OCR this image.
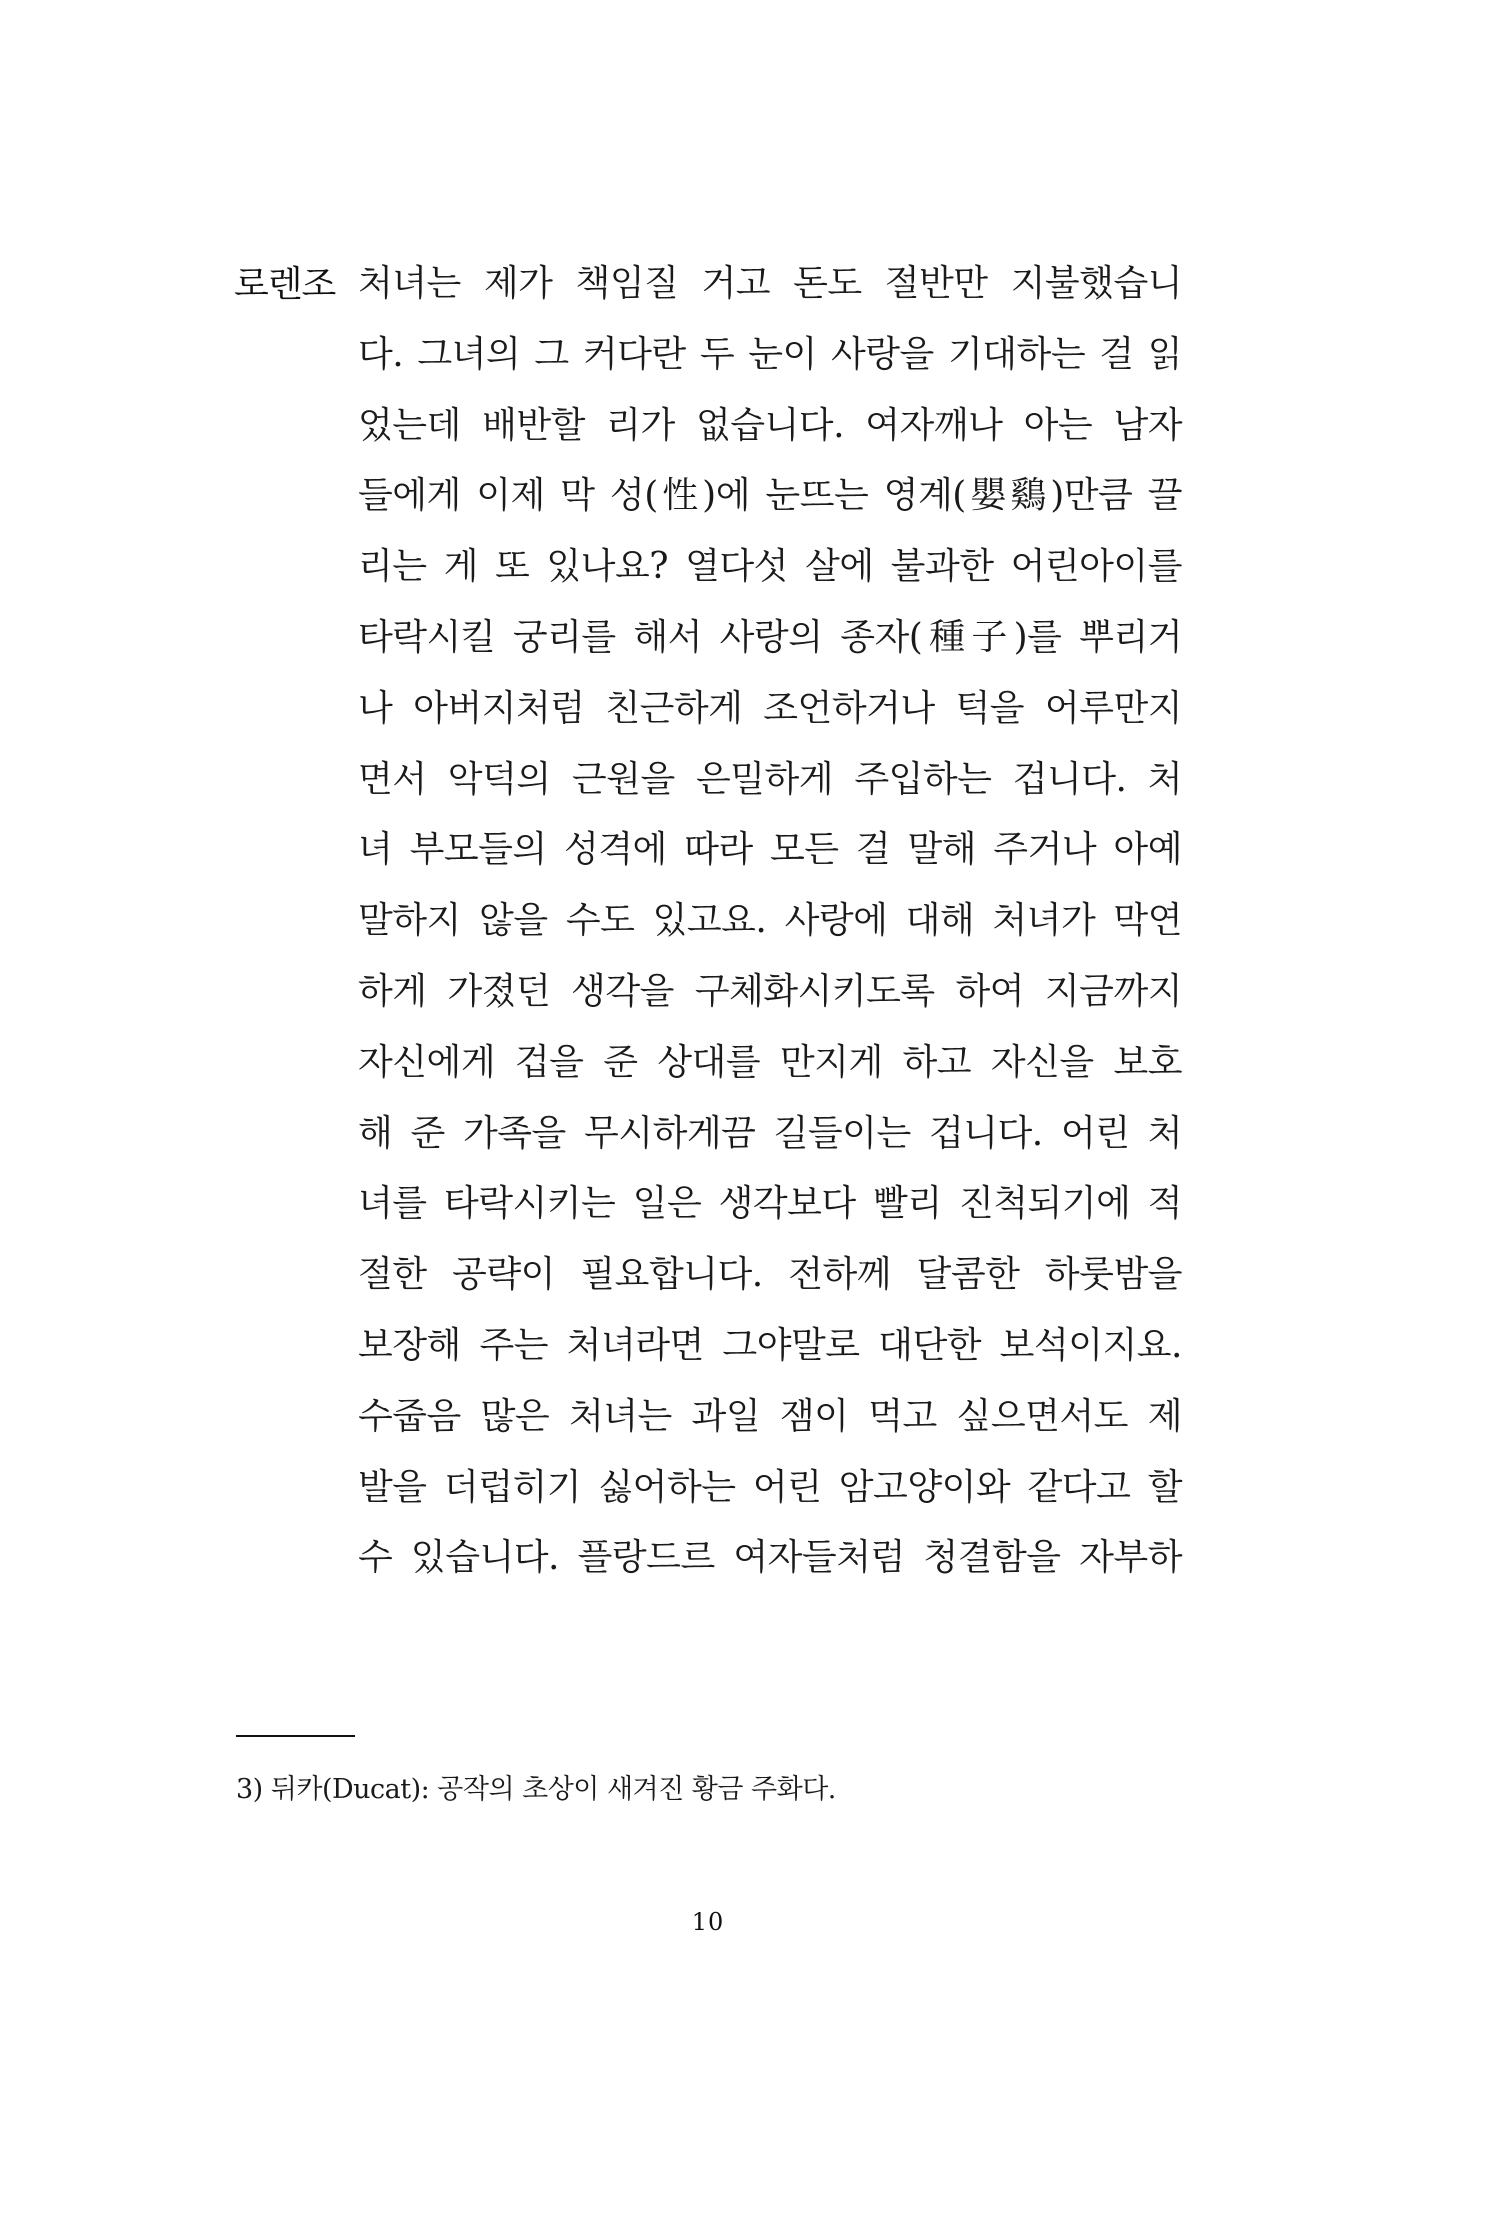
로렌조 처녀는 제가 책임질 거고 돈도 절반만 지불했습니
다. 그녀의 그 커다란 두 눈이 사랑을 기대하는 걸 읽
었는데 배반할 리가 없습니다. 여자깨나 아는 남자
들에게 이제 막 성(性)에 눈뜨는 영계(嬰鷄)만큼 끌
리는 게 또 있나요? 열다섯 살에 불과한 어린아이를
타락시킬 궁리를 해서 사랑의 종자(種子)를 뿌리거
나 아버지처럼 친근하게 조언하거나 턱을 어루만지
면서 악덕의 근원을 은밀하게 주입하는 겁니다. 처
녀 부모들의 성격에 따라 모든 걸 말해 주거나 아예
말하지 않을 수도 있고요. 사랑에 대해 처녀가 막연
하게 가졌던 생각을 구체화시키도록 하여 지금까지
자신에게 겁을 준 상대를 만지게 하고 자신을 보호
해 준 가족을 무시하게끔 길들이는 겁니다. 어린 처
녀를 타락시키는 일은 생각보다 빨리 진척되기에 적
절한 공략이 필요합니다. 전하께 달콤한 하룻밤을
보장해 주는 처녀라면 그야말로 대단한 보석이지요.
수줍음 많은 처녀는 과일 잼이 먹고 싶으면서도 제
발을 더럽히기 싫어하는 어린 암고양이와 같다고 할
수 있습니다. 플랑드르 여자들처럼 청결함을 자부하
3) 뒤카(Ducat): 공작의 초상이 새겨진 황금 주화다.
10
